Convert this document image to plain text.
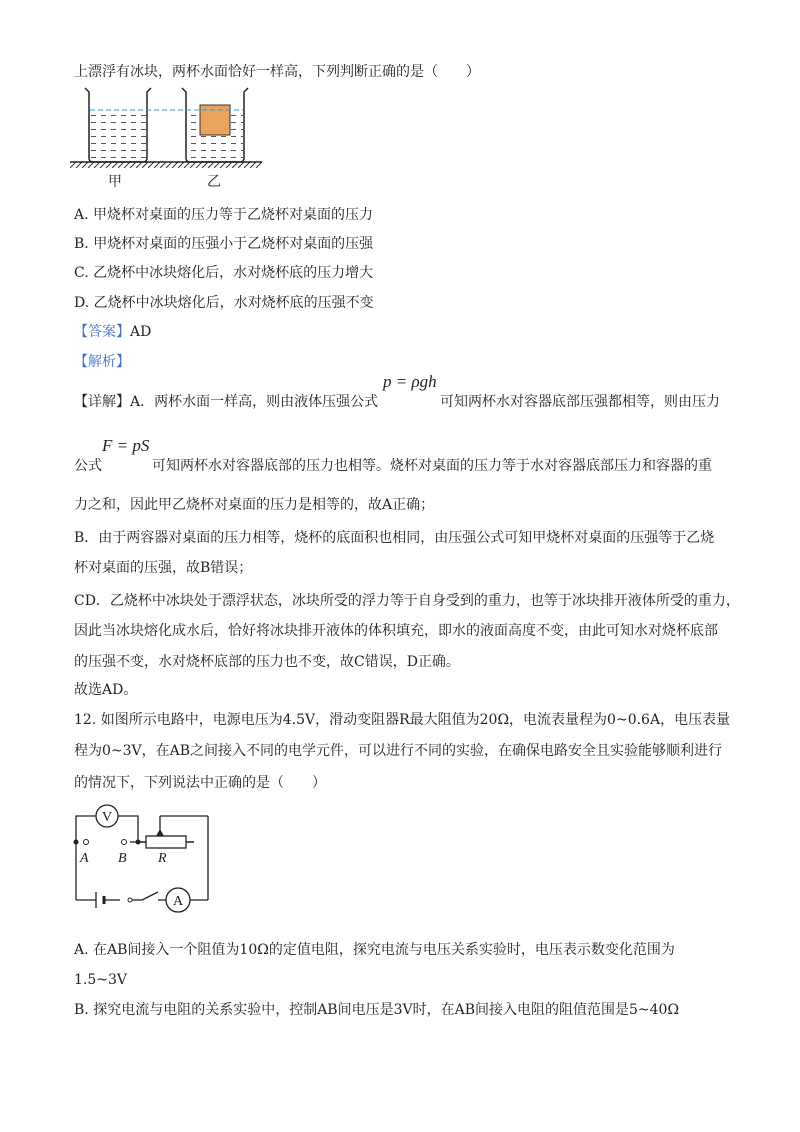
上漂浮有冰块，两杯水面恰好一样高，下列判断正确的是（　　）
甲	乙
A. 甲烧杯对桌面的压力等于乙烧杯对桌面的压力
B. 甲烧杯对桌面的压强小于乙烧杯对桌面的压强
C. 乙烧杯中冰块熔化后，水对烧杯底的压力增大
D. 乙烧杯中冰块熔化后，水对烧杯底的压强不变
【答案】AD
【解析】
【详解】A．两杯水面一样高，则由液体压强公式
p = ρgh
可知两杯水对容器底部压强都相等，则由压力
公式
F = pS
可知两杯水对容器底部的压力也相等。烧杯对桌面的压力等于水对容器底部压力和容器的重
力之和，因此甲乙烧杯对桌面的压力是相等的，故A正确；
B．由于两容器对桌面的压力相等，烧杯的底面积也相同，由压强公式可知甲烧杯对桌面的压强等于乙烧
杯对桌面的压强，故B错误；
CD．乙烧杯中冰块处于漂浮状态，冰块所受的浮力等于自身受到的重力，也等于冰块排开液体所受的重力，
因此当冰块熔化成水后，恰好将冰块排开液体的体积填充，即水的液面高度不变，由此可知水对烧杯底部
的压强不变，水对烧杯底部的压力也不变，故C错误，D正确。
故选AD。
12. 如图所示电路中，电源电压为4.5V，滑动变阻器R最大阻值为20Ω，电流表量程为0~0.6A，电压表量
程为0~3V，在AB之间接入不同的电学元件，可以进行不同的实验，在确保电路安全且实验能够顺利进行
的情况下，下列说法中正确的是（　　）
V
A
A B R
A. 在AB间接入一个阻值为10Ω的定值电阻，探究电流与电压关系实验时，电压表示数变化范围为
1.5~3V
B. 探究电流与电阻的关系实验中，控制AB间电压是3V时，在AB间接入电阻的阻值范围是5~40Ω
